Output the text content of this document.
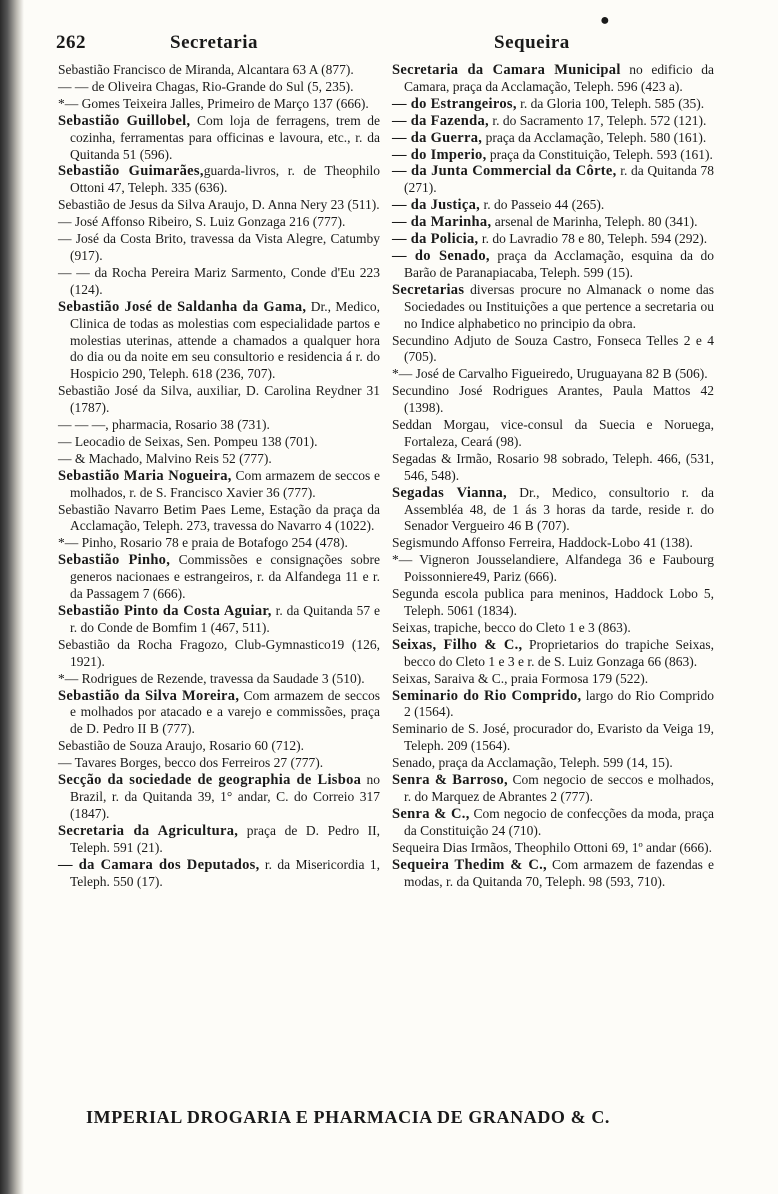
●
262	Secretaria	Sequeira
Sebastião Francisco de Miranda, Alcantara 63 A (877).
— — de Oliveira Chagas, Rio-Grande do Sul (5, 235).
*— Gomes Teixeira Jalles, Primeiro de Março 137 (666).
Sebastião Guillobel, Com loja de ferragens, trem de cozinha, ferramentas para officinas e lavoura, etc., r. da Quitanda 51 (596).
Sebastião Guimarães,guarda-livros, r. de Theophilo Ottoni 47, Teleph. 335 (636).
Sebastião de Jesus da Silva Araujo, D. Anna Nery 23 (511).
— José Affonso Ribeiro, S. Luiz Gonzaga 216 (777).
— José da Costa Brito, travessa da Vista Alegre, Catumby (917).
— — da Rocha Pereira Mariz Sarmento, Conde d'Eu 223 (124).
Sebastião José de Saldanha da Gama, Dr., Medico, Clinica de todas as molestias com especialidade partos e molestias uterinas, attende a chamados a qualquer hora do dia ou da noite em seu consultorio e residencia á r. do Hospicio 290, Teleph. 618 (236, 707).
Sebastião José da Silva, auxiliar, D. Carolina Reydner 31 (1787).
— — —, pharmacia, Rosario 38 (731).
— Leocadio de Seixas, Sen. Pompeu 138 (701).
— & Machado, Malvino Reis 52 (777).
Sebastião Maria Nogueira, Com armazem de seccos e molhados, r. de S. Francisco Xavier 36 (777).
Sebastião Navarro Betim Paes Leme, Estação da praça da Acclamação, Teleph. 273, travessa do Navarro 4 (1022).
*— Pinho, Rosario 78 e praia de Botafogo 254 (478).
Sebastião Pinho, Commissões e consignações sobre generos nacionaes e estrangeiros, r. da Alfandega 11 e r. da Passagem 7 (666).
Sebastião Pinto da Costa Aguiar, r. da Quitanda 57 e r. do Conde de Bomfim 1 (467, 511).
Sebastião da Rocha Fragozo, Club-Gymnastico19 (126, 1921).
*— Rodrigues de Rezende, travessa da Saudade 3 (510).
Sebastião da Silva Moreira, Com armazem de seccos e molhados por atacado e a varejo e commissões, praça de D. Pedro II B (777).
Sebastião de Souza Araujo, Rosario 60 (712).
— Tavares Borges, becco dos Ferreiros 27 (777).
Secção da sociedade de geographia de Lisboa no Brazil, r. da Quitanda 39, 1° andar, C. do Correio 317 (1847).
Secretaria da Agricultura, praça de D. Pedro II, Teleph. 591 (21).
— da Camara dos Deputados, r. da Misericordia 1, Teleph. 550 (17).
Secretaria da Camara Municipal no edificio da Camara, praça da Acclamação, Teleph. 596 (423 a).
— do Estrangeiros, r. da Gloria 100, Teleph. 585 (35).
— da Fazenda, r. do Sacramento 17, Teleph. 572 (121).
— da Guerra, praça da Acclamação, Teleph. 580 (161).
— do Imperio, praça da Constituição, Teleph. 593 (161).
— da Junta Commercial da Côrte, r. da Quitanda 78 (271).
— da Justiça, r. do Passeio 44 (265).
— da Marinha, arsenal de Marinha, Teleph. 80 (341).
— da Policia, r. do Lavradio 78 e 80, Teleph. 594 (292).
— do Senado, praça da Acclamação, esquina da do Barão de Paranapiacaba, Teleph. 599 (15).
Secretarias diversas procure no Almanack o nome das Sociedades ou Instituições a que pertence a secretaria ou no Indice alphabetico no principio da obra.
Secundino Adjuto de Souza Castro, Fonseca Telles 2 e 4 (705).
*— José de Carvalho Figueiredo, Uruguayana 82 B (506).
Secundino José Rodrigues Arantes, Paula Mattos 42 (1398).
Seddan Morgau, vice-consul da Suecia e Noruega, Fortaleza, Ceará (98).
Segadas & Irmão, Rosario 98 sobrado, Teleph. 466, (531, 546, 548).
Segadas Vianna, Dr., Medico, consultorio r. da Assembléa 48, de 1 ás 3 horas da tarde, reside r. do Senador Vergueiro 46 B (707).
Segismundo Affonso Ferreira, Haddock-Lobo 41 (138).
*— Vigneron Jousselandiere, Alfandega 36 e Faubourg Poissonniere49, Pariz (666).
Segunda escola publica para meninos, Haddock Lobo 5, Teleph. 5061 (1834).
Seixas, trapiche, becco do Cleto 1 e 3 (863).
Seixas, Filho & C., Proprietarios do trapiche Seixas, becco do Cleto 1 e 3 e r. de S. Luiz Gonzaga 66 (863).
Seixas, Saraiva & C., praia Formosa 179 (522).
Seminario do Rio Comprido, largo do Rio Comprido 2 (1564).
Seminario de S. José, procurador do, Evaristo da Veiga 19, Teleph. 209 (1564).
Senado, praça da Acclamação, Teleph. 599 (14, 15).
Senra & Barroso, Com negocio de seccos e molhados, r. do Marquez de Abrantes 2 (777).
Senra & C., Com negocio de confecções da moda, praça da Constituição 24 (710).
Sequeira Dias Irmãos, Theophilo Ottoni 69, 1º andar (666).
Sequeira Thedim & C., Com armazem de fazendas e modas, r. da Quitanda 70, Teleph. 98 (593, 710).
IMPERIAL DROGARIA E PHARMACIA DE GRANADO & C.
